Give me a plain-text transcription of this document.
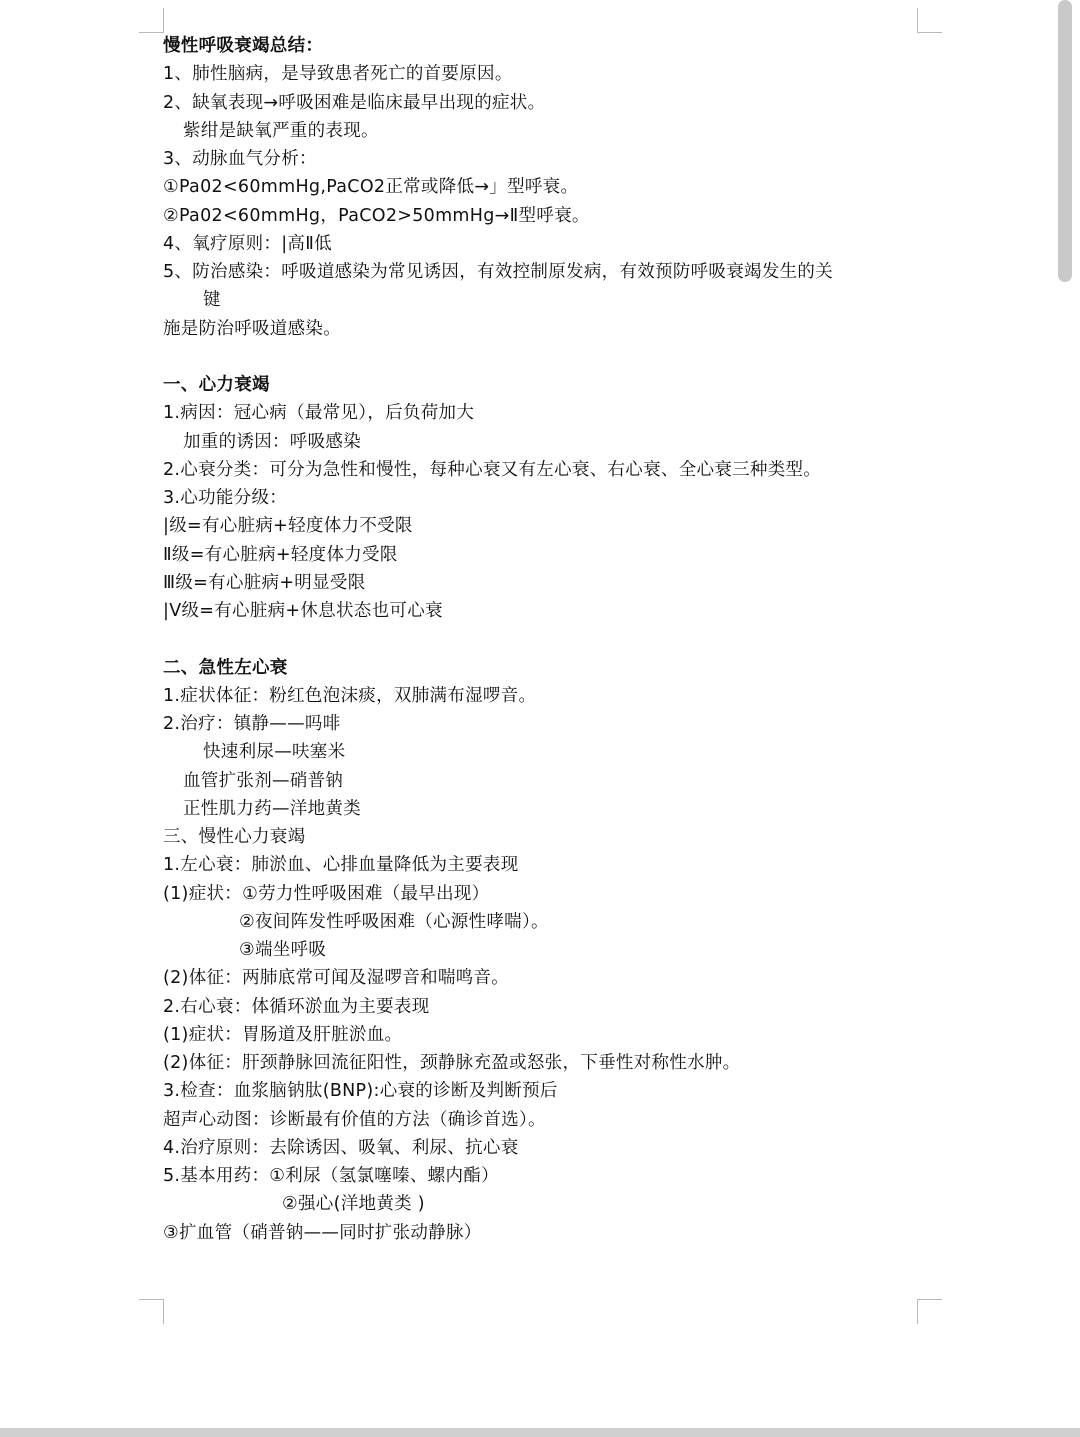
慢性呼吸衰竭总结：
1、肺性脑病，是导致患者死亡的首要原因。
2、缺氧表现→呼吸困难是临床最早出现的症状。
紫绀是缺氧严重的表现。
3、动脉血气分析：
①Pa02<60mmHg,PaCO2正常或降低→」型呼衰。
②Pa02<60mmHg，PaCO2>50mmHg→Ⅱ型呼衰。
4、氧疗原则：|高Ⅱ低
5、防治感染：呼吸道感染为常见诱因，有效控制原发病，有效预防呼吸衰竭发生的关
键
施是防治呼吸道感染。
一、心力衰竭
1.病因：冠心病（最常见），后负荷加大
加重的诱因：呼吸感染
2.心衰分类：可分为急性和慢性，每种心衰又有左心衰、右心衰、全心衰三种类型。
3.心功能分级：
|级=有心脏病+轻度体力不受限
Ⅱ级=有心脏病+轻度体力受限
Ⅲ级=有心脏病+明显受限
|V级=有心脏病+休息状态也可心衰
二、急性左心衰
1.症状体征：粉红色泡沫痰，双肺满布湿啰音。
2.治疗：镇静——吗啡
快速利尿—呋塞米
血管扩张剂—硝普钠
正性肌力药—洋地黄类
三、慢性心力衰竭
1.左心衰：肺淤血、心排血量降低为主要表现
(1)症状：①劳力性呼吸困难（最早出现）
②夜间阵发性呼吸困难（心源性哮喘）。
③端坐呼吸
(2)体征：两肺底常可闻及湿啰音和喘鸣音。
2.右心衰：体循环淤血为主要表现
(1)症状：胃肠道及肝脏淤血。
(2)体征：肝颈静脉回流征阳性，颈静脉充盈或怒张，下垂性对称性水肿。
3.检查：血浆脑钠肽(BNP):心衰的诊断及判断预后
超声心动图：诊断最有价值的方法（确诊首选）。
4.治疗原则：去除诱因、吸氧、利尿、抗心衰
5.基本用药：①利尿（氢氯噻嗪、螺内酯）
②强心(洋地黄类 )
③扩血管（硝普钠——同时扩张动静脉）
